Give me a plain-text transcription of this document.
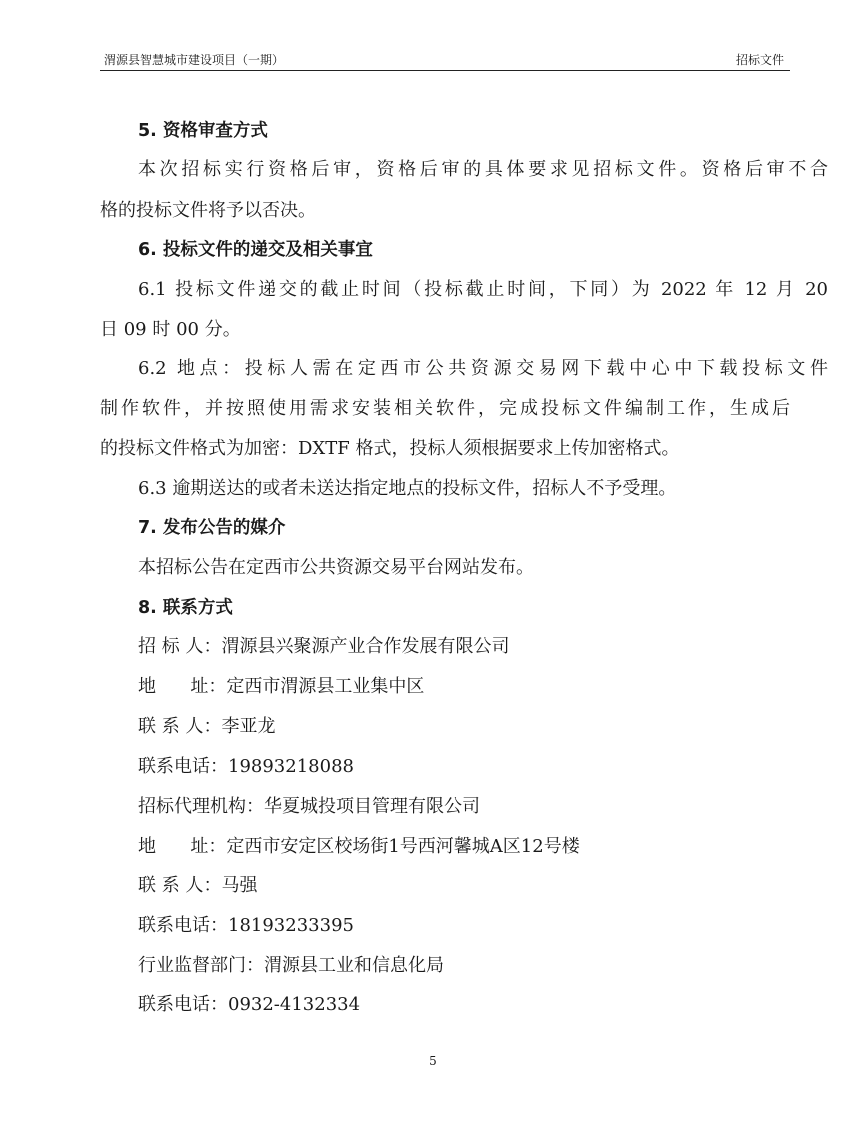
渭源县智慧城市建设项目（一期）	招标文件
5. 资格审查方式
本次招标实行资格后审，资格后审的具体要求见招标文件。资格后审不合
格的投标文件将予以否决。
6. 投标文件的递交及相关事宜
6.1 投标文件递交的截止时间（投标截止时间，下同）为 2022 年 12 月 20
日 09 时 00 分。
6.2 地点：投标人需在定西市公共资源交易网下载中心中下载投标文件
制作软件，并按照使用需求安装相关软件，完成投标文件编制工作，生成后
的投标文件格式为加密：DXTF 格式，投标人须根据要求上传加密格式。
6.3 逾期送达的或者未送达指定地点的投标文件，招标人不予受理。
7. 发布公告的媒介
本招标公告在定西市公共资源交易平台网站发布。
8. 联系方式
招 标 人：渭源县兴聚源产业合作发展有限公司
地      址：定西市渭源县工业集中区
联 系 人：李亚龙
联系电话：19893218088
招标代理机构：华夏城投项目管理有限公司
地      址：定西市安定区校场街1号西河馨城A区12号楼
联 系 人：马强
联系电话：18193233395
行业监督部门：渭源县工业和信息化局
联系电话：0932-4132334
5
